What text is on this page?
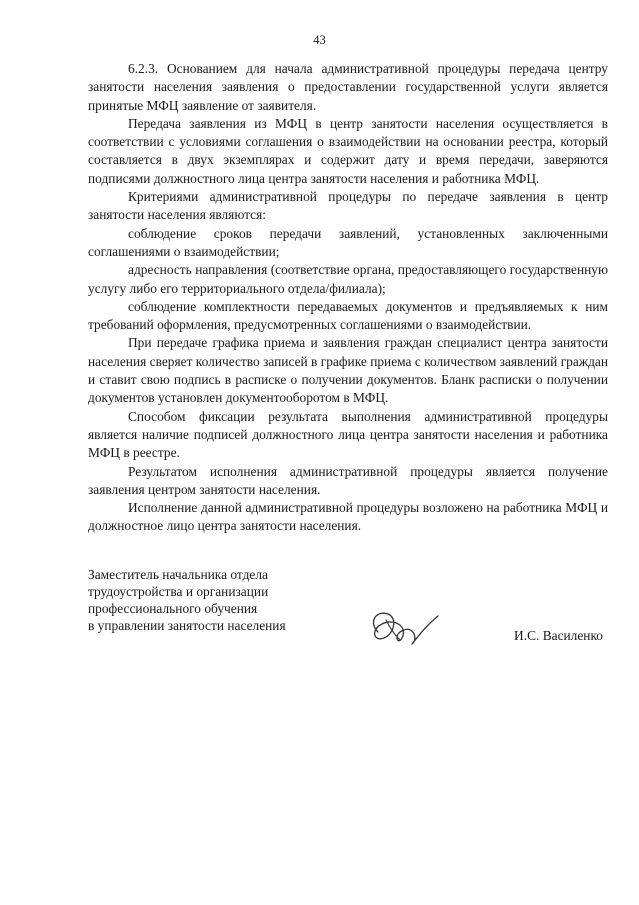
43

6.2.3. Основанием для начала административной процедуры передача центру занятости населения заявления о предоставлении государственной услуги является принятые МФЦ заявление от заявителя.

Передача заявления из МФЦ в центр занятости населения осуществляется в соответствии с условиями соглашения о взаимодействии на основании реестра, который составляется в двух экземплярах и содержит дату и время передачи, заверяются подписями должностного лица центра занятости населения и работника МФЦ.

Критериями административной процедуры по передаче заявления в центр занятости населения являются:

соблюдение сроков передачи заявлений, установленных заключенными соглашениями о взаимодействии;

адресность направления (соответствие органа, предоставляющего государственную услугу либо его территориального отдела/филиала);

соблюдение комплектности передаваемых документов и предъявляемых к ним требований оформления, предусмотренных соглашениями о взаимодействии.

При передаче графика приема и заявления граждан специалист центра занятости населения сверяет количество записей в графике приема с количеством заявлений граждан и ставит свою подпись в расписке о получении документов. Бланк расписки о получении документов установлен документооборотом в МФЦ.

Способом фиксации результата выполнения административной процедуры является наличие подписей должностного лица центра занятости населения и работника МФЦ в реестре.

Результатом исполнения административной процедуры является получение заявления центром занятости населения.

Исполнение данной административной процедуры возложено на работника МФЦ и должностное лицо центра занятости населения.

Заместитель начальника отдела
трудоустройства и организации
профессионального обучения
в управлении занятости населения
И.С. Василенко
